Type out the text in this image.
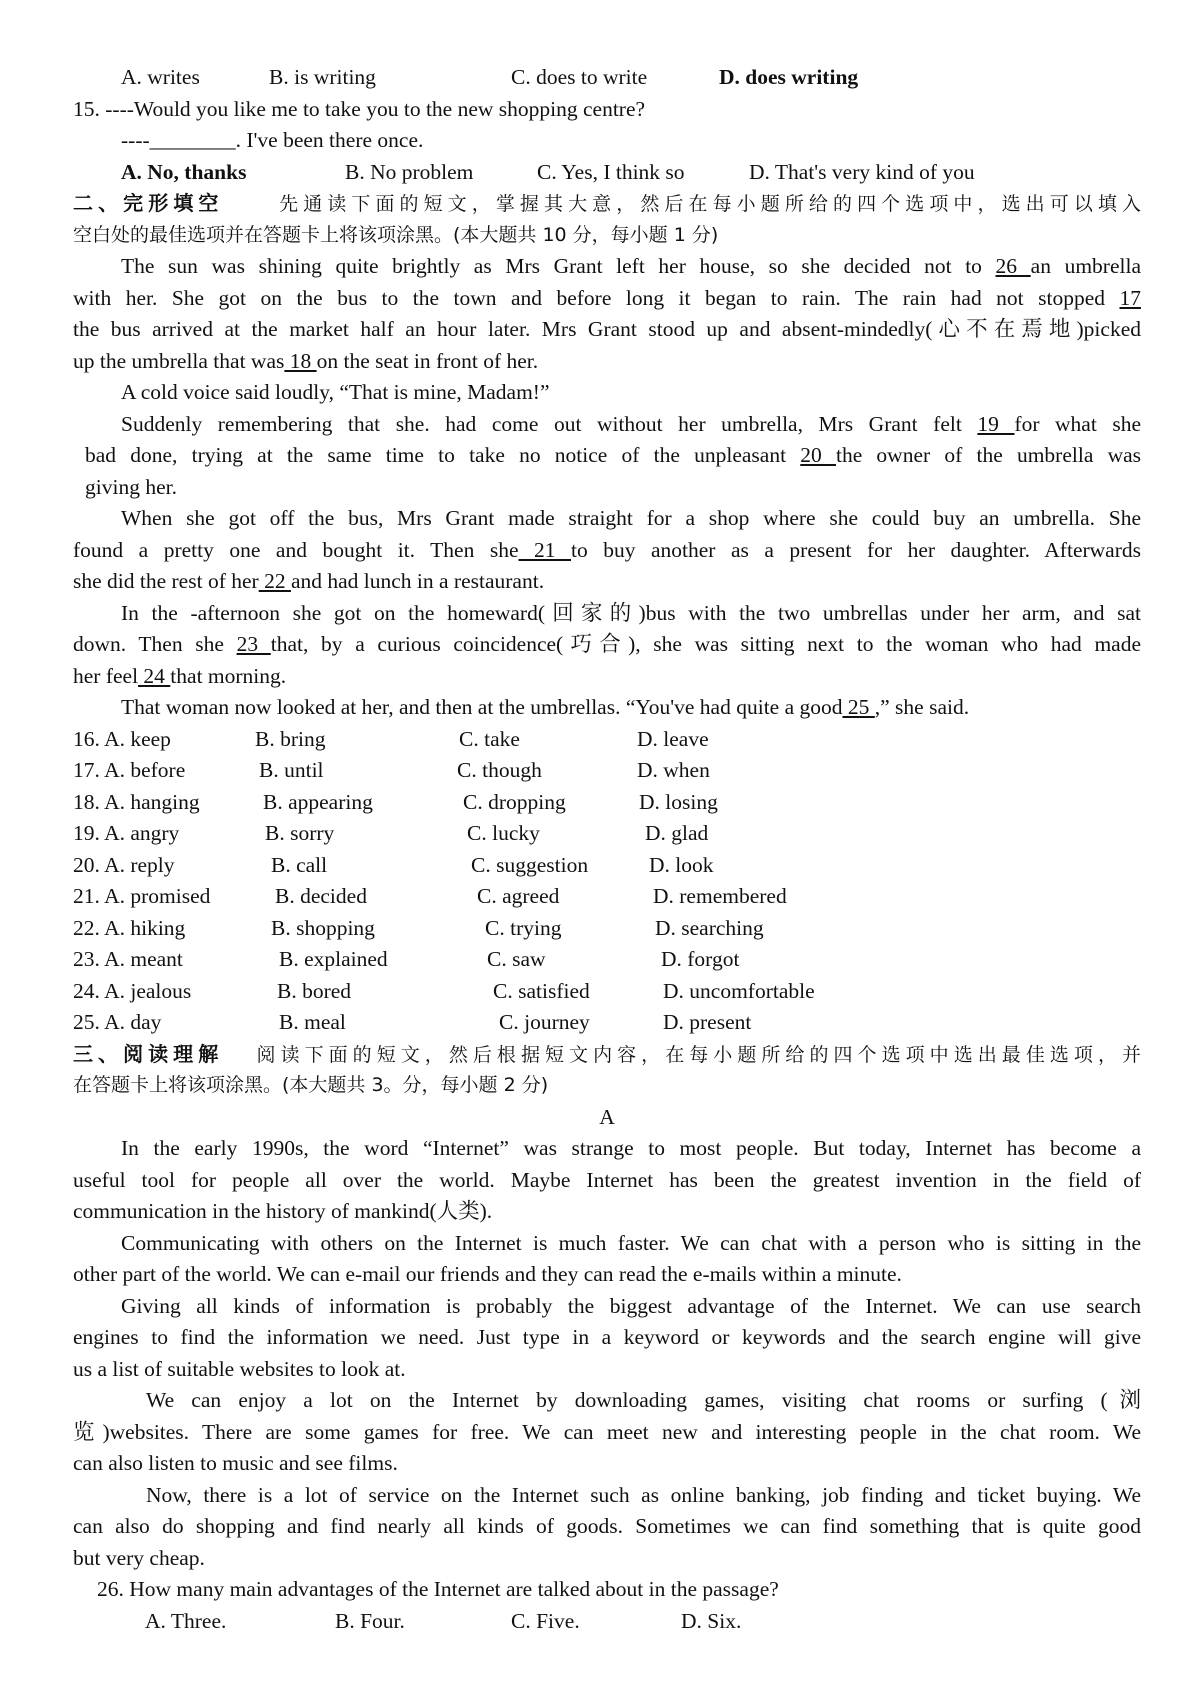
A. writes	B. is writing	C. does to write	D. does writing
15. ----Would you like me to take you to the new shopping centre?
----________. I've been there once.
A. No, thanks	B. No problem	C. Yes, I think so	D. That's very kind of you
二、完形填空	先通读下面的短文，掌握其大意，然后在每小题所给的四个选项中，选出可以填入
空白处的最佳选项并在答题卡上将该项涂黑。(本大题共 10 分，每小题 1 分)
The sun was shining quite brightly as Mrs Grant left her house, so she decided not to 26 an umbrella
with her. She got on the bus to the town and before long it began to rain. The rain had not stopped 17
the bus arrived at the market half an hour later. Mrs Grant stood up and absent-mindedly(心不在焉地)picked
up the umbrella that was 18 on the seat in front of her.
A cold voice said loudly, “That is mine, Madam!”
Suddenly remembering that she. had come out without her umbrella, Mrs Grant felt 19 for what she
bad done, trying at the same time to take no notice of the unpleasant 20 the owner of the umbrella was
giving her.
When she got off the bus, Mrs Grant made straight for a shop where she could buy an umbrella. She
found a pretty one and bought it. Then she 21 to buy another as a present for her daughter. Afterwards
she did the rest of her 22 and had lunch in a restaurant.
In the -afternoon she got on the homeward(回家的)bus with the two umbrellas under her arm, and sat
down. Then she 23 that, by a curious coincidence(巧合), she was sitting next to the woman who had made
her feel 24 that morning.
That woman now looked at her, and then at the umbrellas. “You've had quite a good 25 ,” she said.
16. A. keep	B. bring	C. take	D. leave
17. A. before	B. until	C. though	D. when
18. A. hanging	B. appearing	C. dropping	D. losing
19. A. angry	B. sorry	C. lucky	D. glad
20. A. reply	B. call	C. suggestion	D. look
21. A. promised	B. decided	C. agreed	D. remembered
22. A. hiking	B. shopping	C. trying	D. searching
23. A. meant	B. explained	C. saw	D. forgot
24. A. jealous	B. bored	C. satisfied	D. uncomfortable
25. A. day	B. meal	C. journey	D. present
三、阅读理解 阅读下面的短文，然后根据短文内容，在每小题所给的四个选项中选出最佳选项，并
在答题卡上将该项涂黑。(本大题共 3。分，每小题 2 分)
A
In the early 1990s, the word “Internet” was strange to most people. But today, Internet has become a
useful tool for people all over the world. Maybe Internet has been the greatest invention in the field of
communication in the history of mankind(人类).
Communicating with others on the Internet is much faster. We can chat with a person who is sitting in the
other part of the world. We can e-mail our friends and they can read the e-mails within a minute.
Giving all kinds of information is probably the biggest advantage of the Internet. We can use search
engines to find the information we need. Just type in a keyword or keywords and the search engine will give
us a list of suitable websites to look at.
We can enjoy a lot on the Internet by downloading games, visiting chat rooms or surfing (浏
览)websites. There are some games for free. We can meet new and interesting people in the chat room. We
can also listen to music and see films.
Now, there is a lot of service on the Internet such as online banking, job finding and ticket buying. We
can also do shopping and find nearly all kinds of goods. Sometimes we can find something that is quite good
but very cheap.
26. How many main advantages of the Internet are talked about in the passage?
A. Three.	B. Four.	C. Five.	D. Six.
